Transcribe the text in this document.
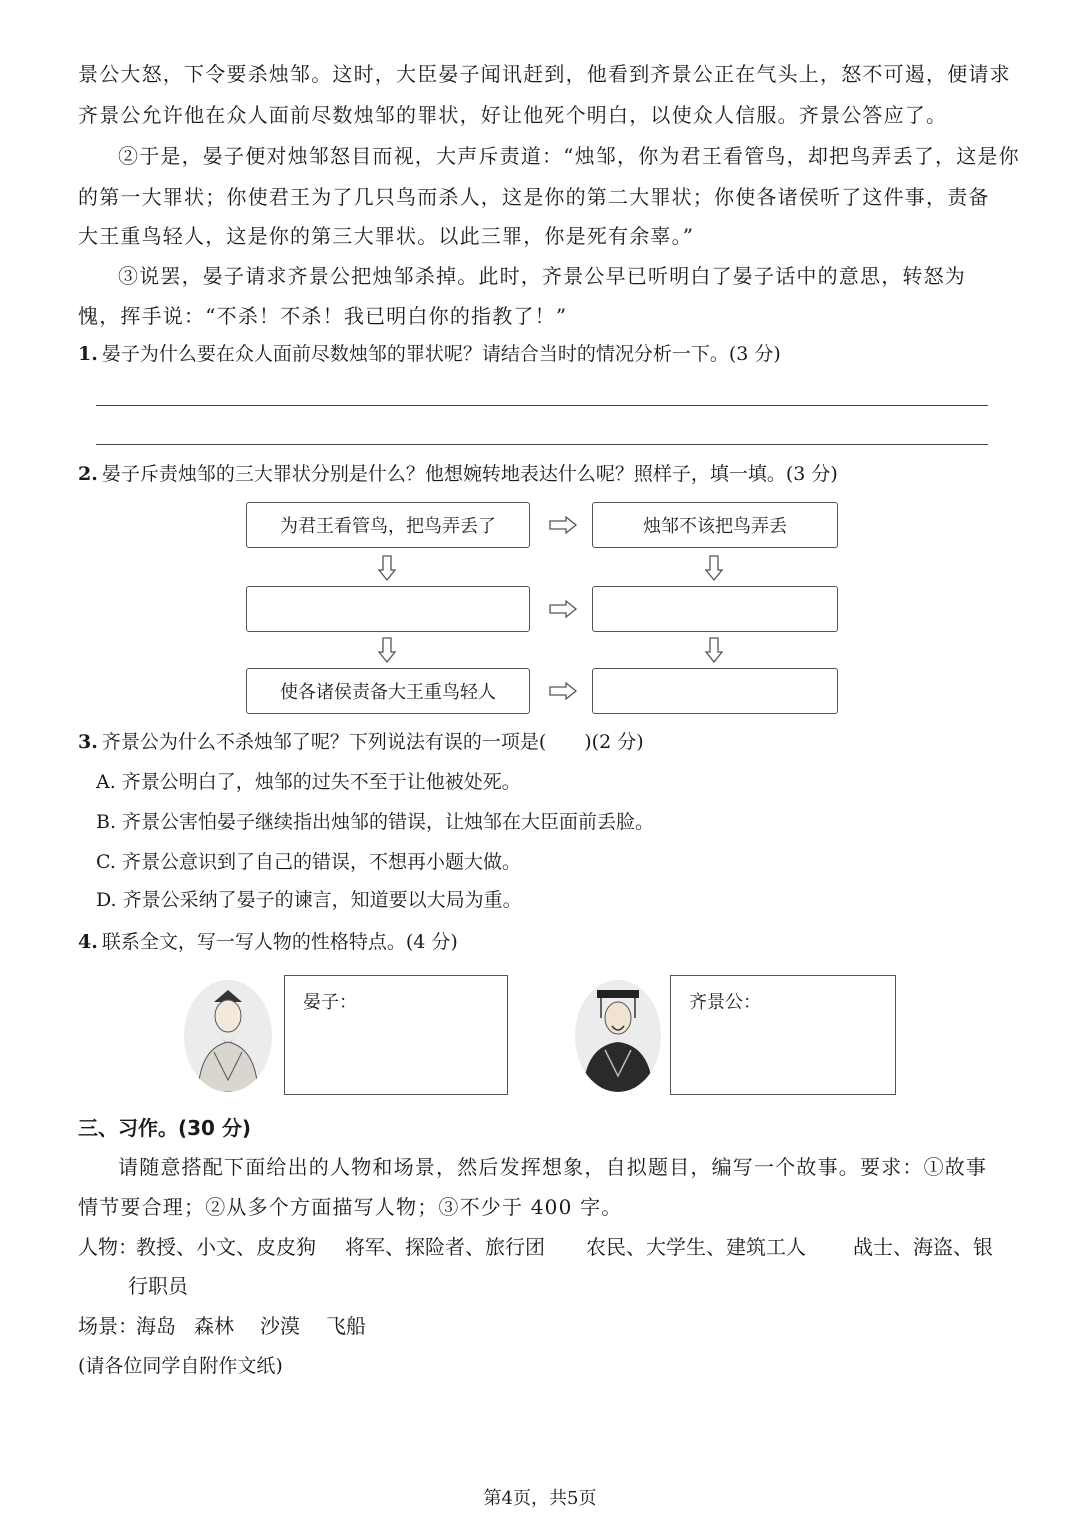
景公大怒，下令要杀烛邹。这时，大臣晏子闻讯赶到，他看到齐景公正在气头上，怒不可遏，便请求
齐景公允许他在众人面前尽数烛邹的罪状，好让他死个明白，以使众人信服。齐景公答应了。
②于是，晏子便对烛邹怒目而视，大声斥责道：“烛邹，你为君王看管鸟，却把鸟弄丢了，这是你
的第一大罪状；你使君王为了几只鸟而杀人，这是你的第二大罪状；你使各诸侯听了这件事，责备
大王重鸟轻人，这是你的第三大罪状。以此三罪，你是死有余辜。”
③说罢，晏子请求齐景公把烛邹杀掉。此时，齐景公早已听明白了晏子话中的意思，转怒为
愧，挥手说：“不杀！不杀！我已明白你的指教了！”
1. 晏子为什么要在众人面前尽数烛邹的罪状呢？请结合当时的情况分析一下。(3 分)
2. 晏子斥责烛邹的三大罪状分别是什么？他想婉转地表达什么呢？照样子，填一填。(3 分)
为君王看管鸟，把鸟弄丢了	烛邹不该把鸟弄丢
使各诸侯责备大王重鸟轻人
3. 齐景公为什么不杀烛邹了呢？下列说法有误的一项是(　　)(2 分)
A. 齐景公明白了，烛邹的过失不至于让他被处死。
B. 齐景公害怕晏子继续指出烛邹的错误，让烛邹在大臣面前丢脸。
C. 齐景公意识到了自己的错误，不想再小题大做。
D. 齐景公采纳了晏子的谏言，知道要以大局为重。
4. 联系全文，写一写人物的性格特点。(4 分)
晏子：	齐景公：
三、习作。(30 分)
请随意搭配下面给出的人物和场景，然后发挥想象，自拟题目，编写一个故事。要求：①故事
情节要合理；②从多个方面描写人物；③不少于 400 字。
人物：
教授、小文、皮皮狗 将军、探险者、旅行团 农民、大学生、建筑工人 战士、海盗、银
行职员
场景：
海岛 森林 沙漠 飞船
(请各位同学自附作文纸)
第4页，共5页
